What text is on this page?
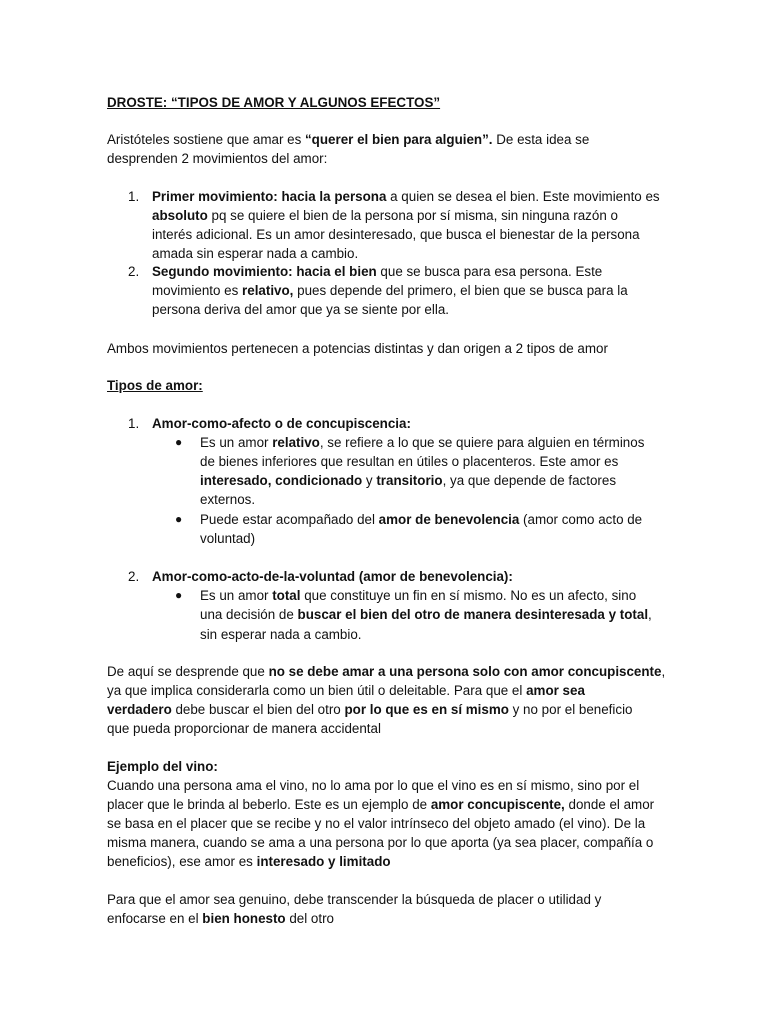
DROSTE: “TIPOS DE AMOR Y ALGUNOS EFECTOS”
Aristóteles sostiene que amar es “querer el bien para alguien”. De esta idea se
desprenden 2 movimientos del amor:
1. Primer movimiento: hacia la persona a quien se desea el bien. Este movimiento es
absoluto pq se quiere el bien de la persona por sí misma, sin ninguna razón o
interés adicional. Es un amor desinteresado, que busca el bienestar de la persona
amada sin esperar nada a cambio.
2. Segundo movimiento: hacia el bien que se busca para esa persona. Este
movimiento es relativo, pues depende del primero, el bien que se busca para la
persona deriva del amor que ya se siente por ella.
Ambos movimientos pertenecen a potencias distintas y dan origen a 2 tipos de amor
Tipos de amor:
1. Amor-como-afecto o de concupiscencia:
● Es un amor relativo, se refiere a lo que se quiere para alguien en términos
de bienes inferiores que resultan en útiles o placenteros. Este amor es
interesado, condicionado y transitorio, ya que depende de factores
externos.
● Puede estar acompañado del amor de benevolencia (amor como acto de
voluntad)
2. Amor-como-acto-de-la-voluntad (amor de benevolencia):
● Es un amor total que constituye un fin en sí mismo. No es un afecto, sino
una decisión de buscar el bien del otro de manera desinteresada y total,
sin esperar nada a cambio.
De aquí se desprende que no se debe amar a una persona solo con amor concupiscente,
ya que implica considerarla como un bien útil o deleitable. Para que el amor sea
verdadero debe buscar el bien del otro por lo que es en sí mismo y no por el beneficio
que pueda proporcionar de manera accidental
Ejemplo del vino:
Cuando una persona ama el vino, no lo ama por lo que el vino es en sí mismo, sino por el
placer que le brinda al beberlo. Este es un ejemplo de amor concupiscente, donde el amor
se basa en el placer que se recibe y no el valor intrínseco del objeto amado (el vino). De la
misma manera, cuando se ama a una persona por lo que aporta (ya sea placer, compañía o
beneficios), ese amor es interesado y limitado
Para que el amor sea genuino, debe transcender la búsqueda de placer o utilidad y
enfocarse en el bien honesto del otro
